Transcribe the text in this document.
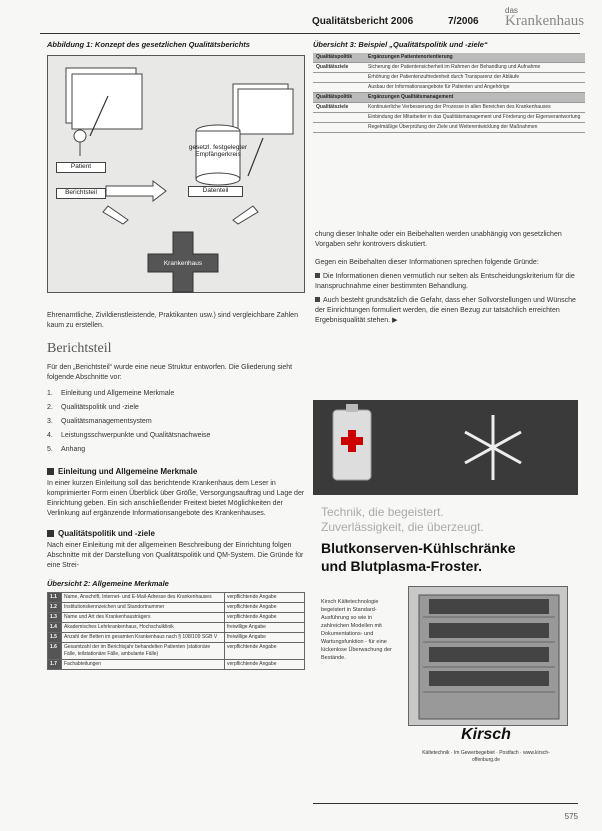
Qualitätsbericht 2006	7/2006
das
Krankenhaus
Abbildung 1: Konzept des gesetzlichen Qualitätsberichts
Patient
Berichtsteil	Datenteil
gesetzl. festgelegter Empfängerkreis
Krankenhaus
Ehrenamtliche, Zivildienstleistende, Praktikanten usw.) sind vergleichbare Zahlen kaum zu erstellen.
Berichtsteil
Für den „Berichtsteil“ wurde eine neue Struktur entworfen. Die Gliederung sieht folgende Abschnitte vor:
1. Einleitung und Allgemeine Merkmale
2. Qualitätspolitik und -ziele
3. Qualitätsmanagementsystem
4. Leistungsschwerpunkte und Qualitätsnachweise
5. Anhang
Einleitung und Allgemeine Merkmale
In einer kurzen Einleitung soll das berichtende Krankenhaus dem Leser in komprimierter Form einen Überblick über Größe, Versorgungsauftrag und Lage der Einrichtung geben. Ein sich anschließender Freitext bietet Möglichkeiten der Verlinkung auf ergänzende Informationsangebote des Krankenhauses.
Qualitätspolitik und -ziele
Nach einer Einleitung mit der allgemeinen Beschreibung der Einrichtung folgen Abschnitte mit der Darstellung von Qualitätspolitik und QM-System. Die Gründe für eine Strei-
Übersicht 2: Allgemeine Merkmale
1.1	Name, Anschrift, Internet- und E-Mail-Adresse des Krankenhauses	verpflichtende Angabe
1.2	Institutionskennzeichen und Standortnummer	verpflichtende Angabe
1.3	Name und Art des Krankenhausträgers	verpflichtende Angabe
1.4	Akademisches Lehrkrankenhaus, Hochschulklinik	freiwillige Angabe
1.5	Anzahl der Betten im gesamten Krankenhaus nach § 108/109 SGB V	freiwillige Angabe
1.6	Gesamtzahl der im Berichtsjahr behandelten Patienten (stationäre Fälle, teilstationäre Fälle, ambulante Fälle)	verpflichtende Angabe
1.7	Fachabteilungen	verpflichtende Angabe
Übersicht 3: Beispiel „Qualitätspolitik und -ziele“
Qualitätspolitik	Ergänzungen Patientenorientierung
Qualitätsziele	Sicherung der Patientensicherheit im Rahmen der Behandlung und Aufnahme
	Erhöhung der Patientenzufriedenheit durch Transparenz der Abläufe
	Ausbau der Informationsangebote für Patienten und Angehörige
Qualitätspolitik	Ergänzungen Qualitätsmanagement
Qualitätsziele	Kontinuierliche Verbesserung der Prozesse in allen Bereichen des Krankenhauses
	Einbindung der Mitarbeiter in das Qualitätsmanagement und Förderung der Eigenverantwortung
	Regelmäßige Überprüfung der Ziele und Weiterentwicklung der Maßnahmen
chung dieser Inhalte oder ein Beibehalten werden unabhängig von gesetzlichen Vorgaben sehr kontrovers diskutiert.
Gegen ein Beibehalten dieser Informationen sprechen folgende Gründe:
Die Informationen dienen vermutlich nur selten als Entscheidungskriterium für die Inanspruchnahme einer bestimmten Behandlung.
Auch besteht grundsätzlich die Gefahr, dass eher Sollvorstellungen und Wünsche der Einrichtungen formuliert werden, die einen Bezug zur tatsächlich erreichten Ergebnisqualität stehen. ▶
Technik, die begeistert.
Zuverlässigkeit, die überzeugt.
Blutkonserven-Kühlschränke
und Blutplasma-Froster.
Kirsch Kältetechnologie begeistert in Standard-Ausführung so wie in zahlreichen Modellen mit Dokumentations- und Wartungsfunktion - für eine lückenlose Überwachung der Bestände.
Kirsch
Kältetechnik · Im Gewerbegebiet · Postfach · www.kirsch-offenburg.de
575
